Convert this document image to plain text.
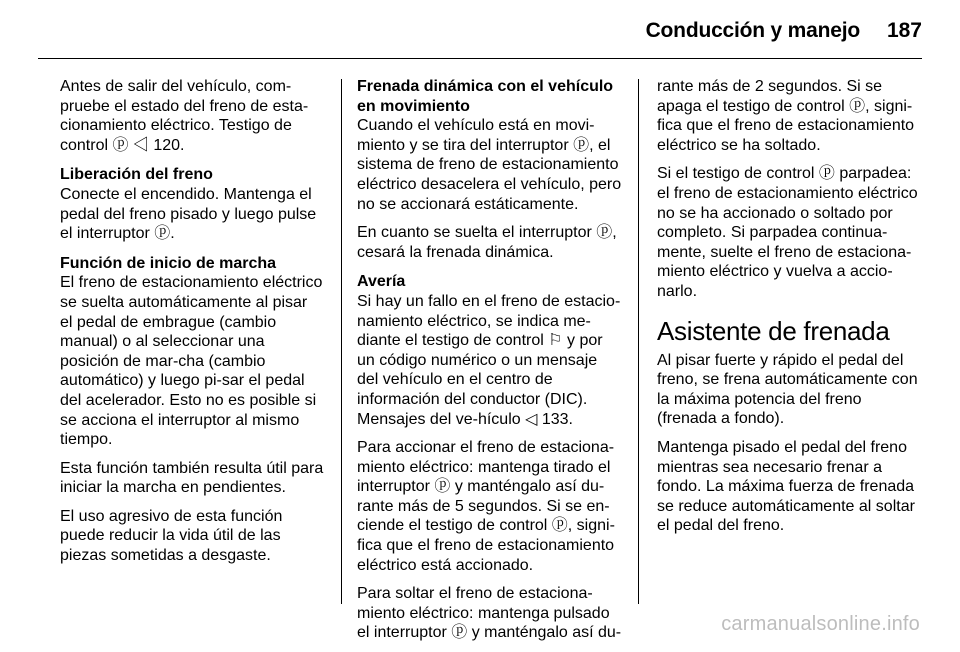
Conducción y manejo 187

Antes de salir del vehículo, com-pruebe el estado del freno de esta-cionamiento eléctrico. Testigo de control ⓟ ◁ 120.

Liberación del freno

Conecte el encendido. Mantenga el pedal del freno pisado y luego pulse el interruptor ⓟ.

Función de inicio de marcha

El freno de estacionamiento eléctrico se suelta automáticamente al pisar el pedal de embrague (cambio manual) o al seleccionar una posición de mar-cha (cambio automático) y luego pi-sar el pedal del acelerador. Esto no es posible si se acciona el interruptor al mismo tiempo.

Esta función también resulta útil para iniciar la marcha en pendientes.

El uso agresivo de esta función puede reducir la vida útil de las piezas sometidas a desgaste.

Frenada dinámica con el vehículo en movimiento

Cuando el vehículo está en movi-miento y se tira del interruptor ⓟ, el sistema de freno de estacionamiento eléctrico desacelera el vehículo, pero no se accionará estáticamente.

En cuanto se suelta el interruptor ⓟ, cesará la frenada dinámica.

Avería

Si hay un fallo en el freno de estacio-namiento eléctrico, se indica me-diante el testigo de control ⚐ y por un código numérico o un mensaje del vehículo en el centro de información del conductor (DIC). Mensajes del ve-hículo ◁ 133.

Para accionar el freno de estaciona-miento eléctrico: mantenga tirado el interruptor ⓟ y manténgalo así du-rante más de 5 segundos. Si se en-ciende el testigo de control ⓟ, signi-fica que el freno de estacionamiento eléctrico está accionado.

Para soltar el freno de estaciona-miento eléctrico: mantenga pulsado el interruptor ⓟ y manténgalo así du-

rante más de 2 segundos. Si se apaga el testigo de control ⓟ, signi-fica que el freno de estacionamiento eléctrico se ha soltado.

Si el testigo de control ⓟ parpadea: el freno de estacionamiento eléctrico no se ha accionado o soltado por completo. Si parpadea continua-mente, suelte el freno de estaciona-miento eléctrico y vuelva a accio-narlo.

Asistente de frenada

Al pisar fuerte y rápido el pedal del freno, se frena automáticamente con la máxima potencia del freno (frenada a fondo).

Mantenga pisado el pedal del freno mientras sea necesario frenar a fondo. La máxima fuerza de frenada se reduce automáticamente al soltar el pedal del freno.

carmanualsonline.info
